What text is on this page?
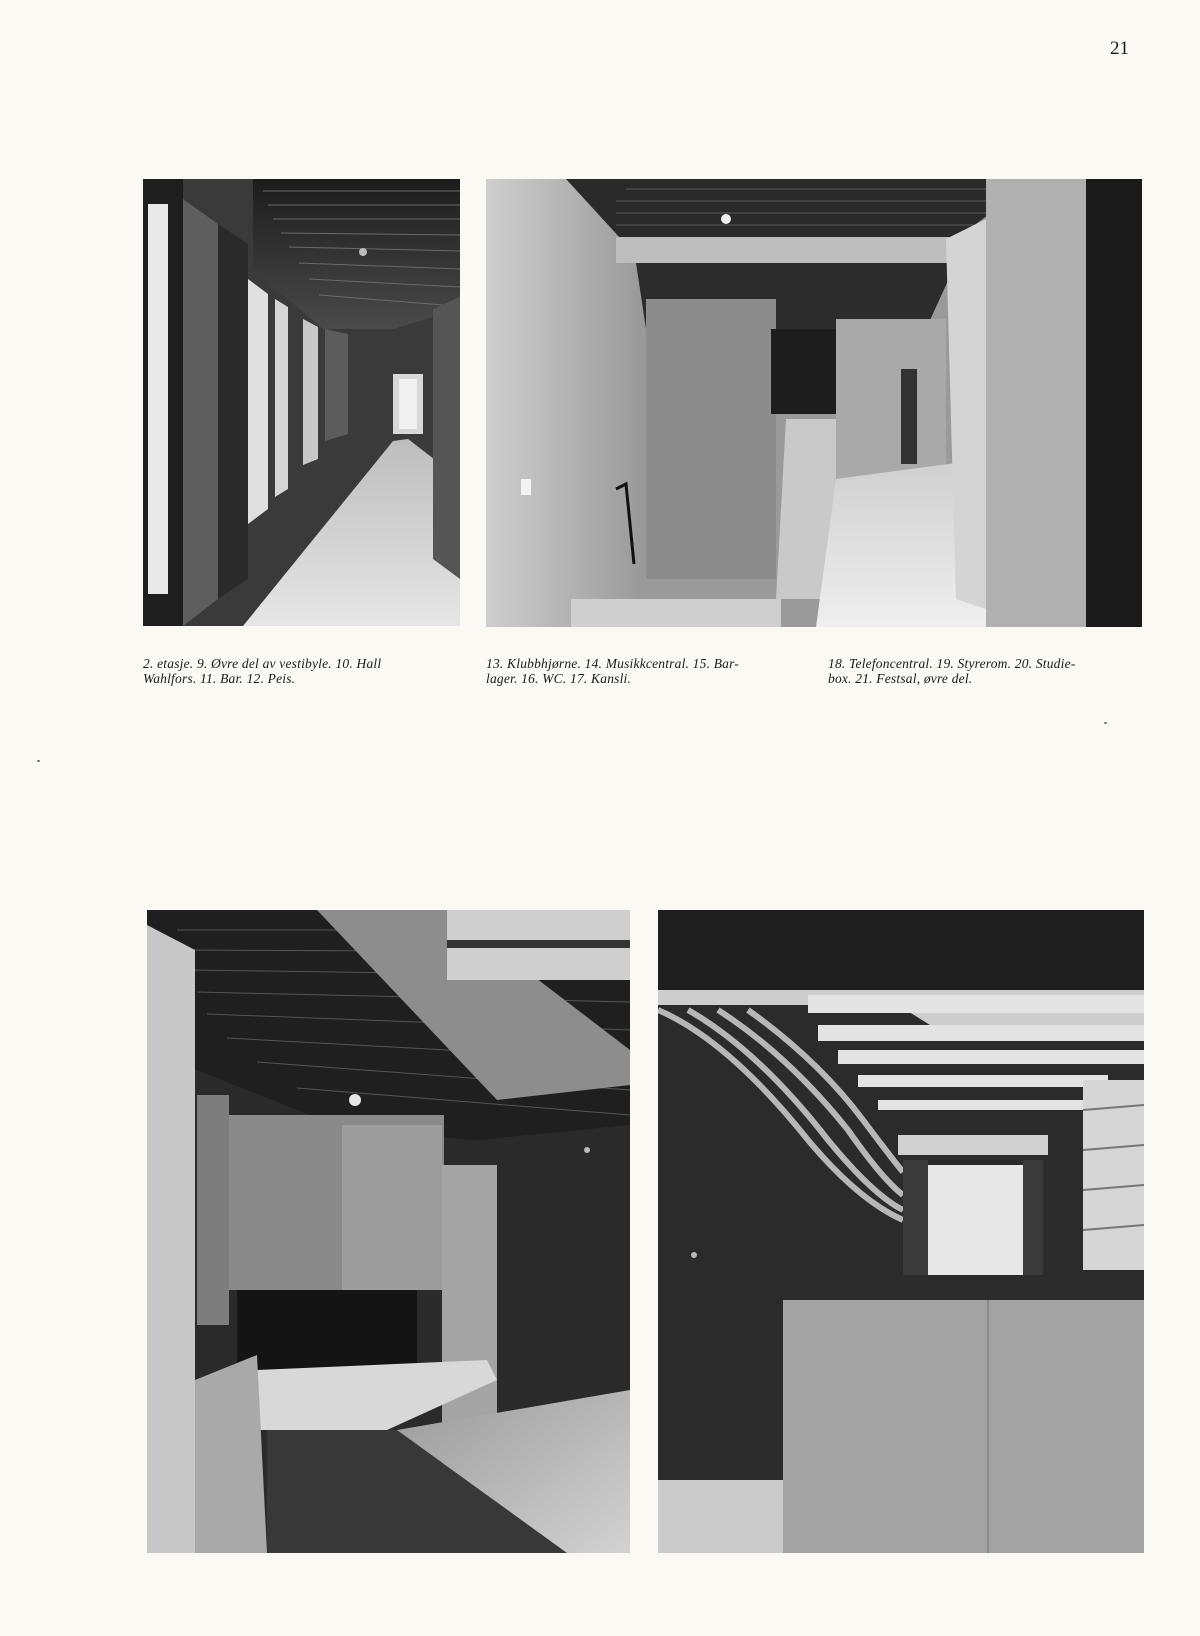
21
2. etasje. 9. Øvre del av vestibyle. 10. Hall
Wahlfors. 11. Bar. 12. Peis.
13. Klubbhjørne. 14. Musikkcentral. 15. Bar-
lager. 16. WC. 17. Kansli.
18. Telefoncentral. 19. Styrerom. 20. Studie-
box. 21. Festsal, øvre del.
